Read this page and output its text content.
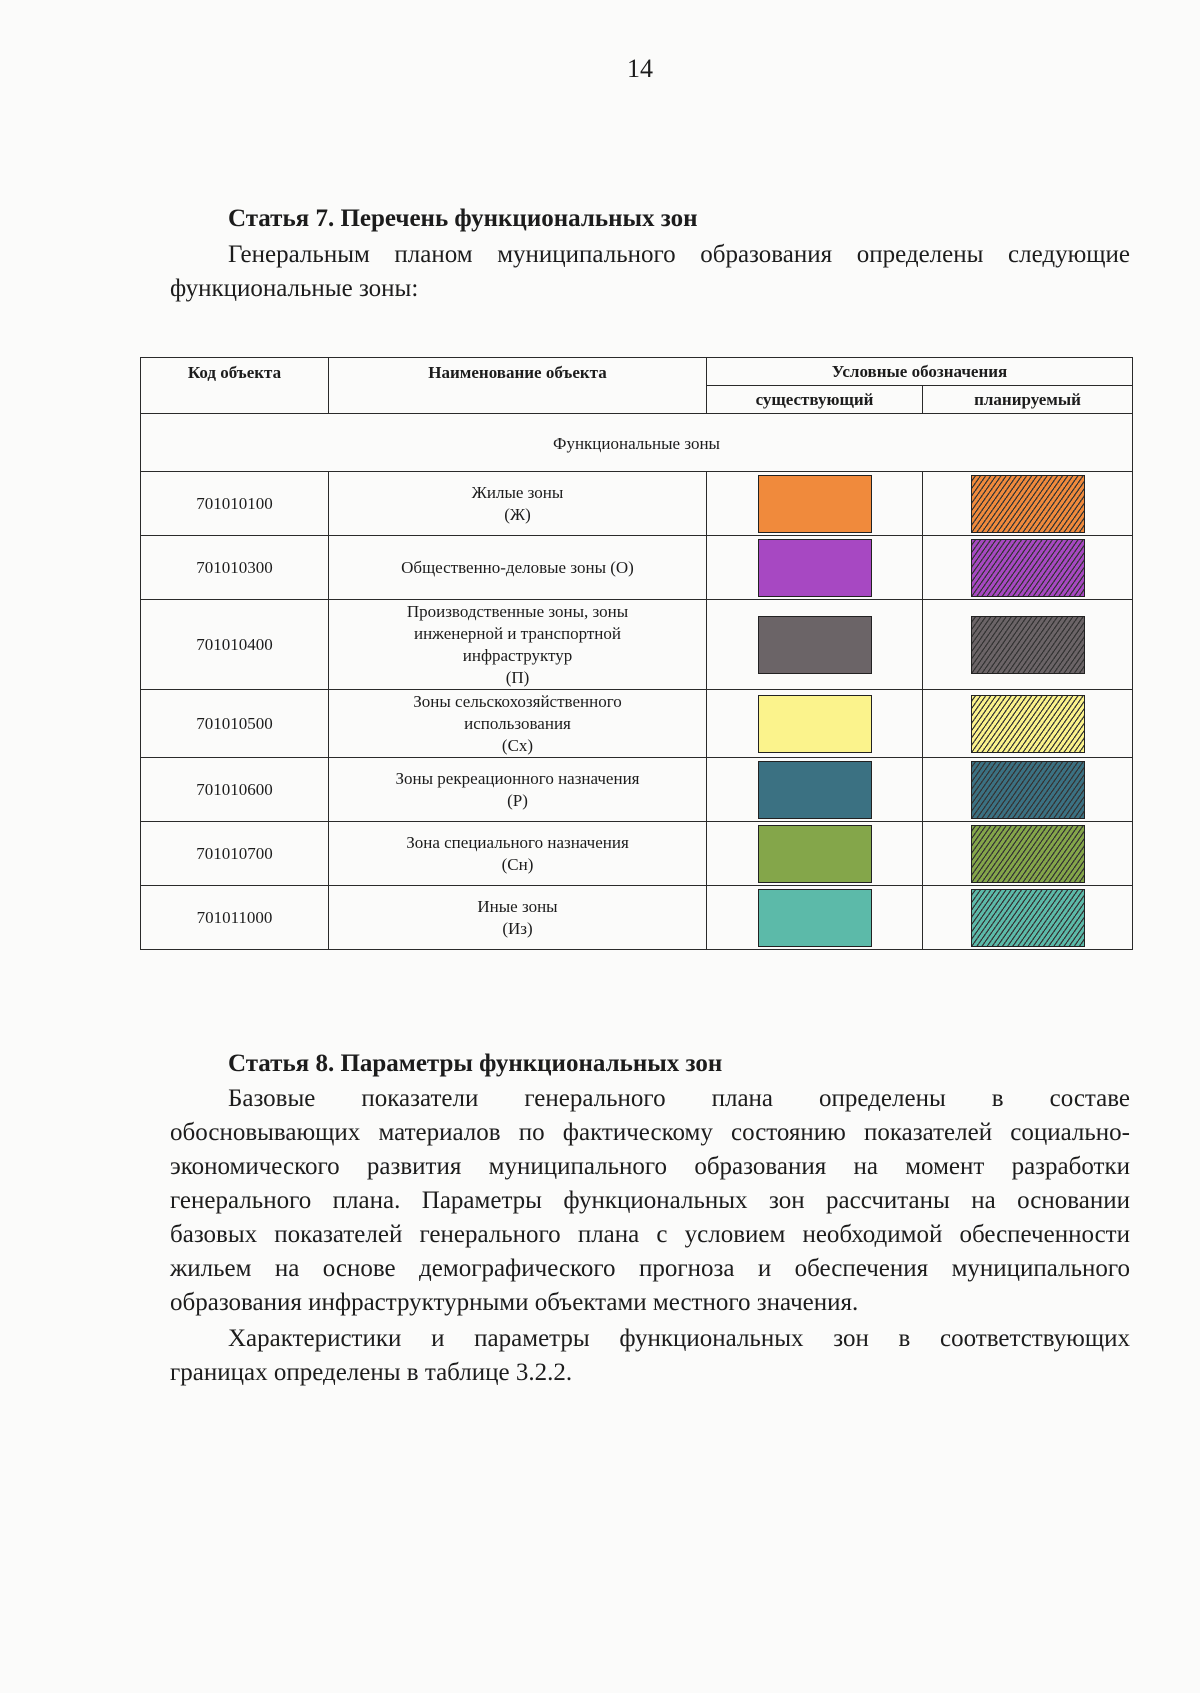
14
Статья 7. Перечень функциональных зон
Генеральным планом муниципального образования определены следующие
функциональные зоны:
Код объекта	Наименование объекта	Условные обозначения	
		существующий	планируемый
Функциональные зоны			
701010100	Жилые зоны
(Ж)		

701010300	Общественно-деловые зоны (О)		

701010400	Производственные зоны, зоны
инженерной и транспортной
инфраструктур
(П)		

701010500	Зоны сельскохозяйственного
использования
(Сх)		

701010600	Зоны рекреационного назначения
(Р)		

701010700	Зона специального назначения
(Сн)		

701011000	Иные зоны
(Из)		

Статья 8. Параметры функциональных зон
Базовые показатели генерального плана определены в составе
обосновывающих материалов по фактическому состоянию показателей социально-
экономического развития муниципального образования на момент разработки
генерального плана. Параметры функциональных зон рассчитаны на основании
базовых показателей генерального плана с условием необходимой обеспеченности
жильем на основе демографического прогноза и обеспечения муниципального
образования инфраструктурными объектами местного значения.
Характеристики и параметры функциональных зон в соответствующих
границах определены в таблице 3.2.2.
